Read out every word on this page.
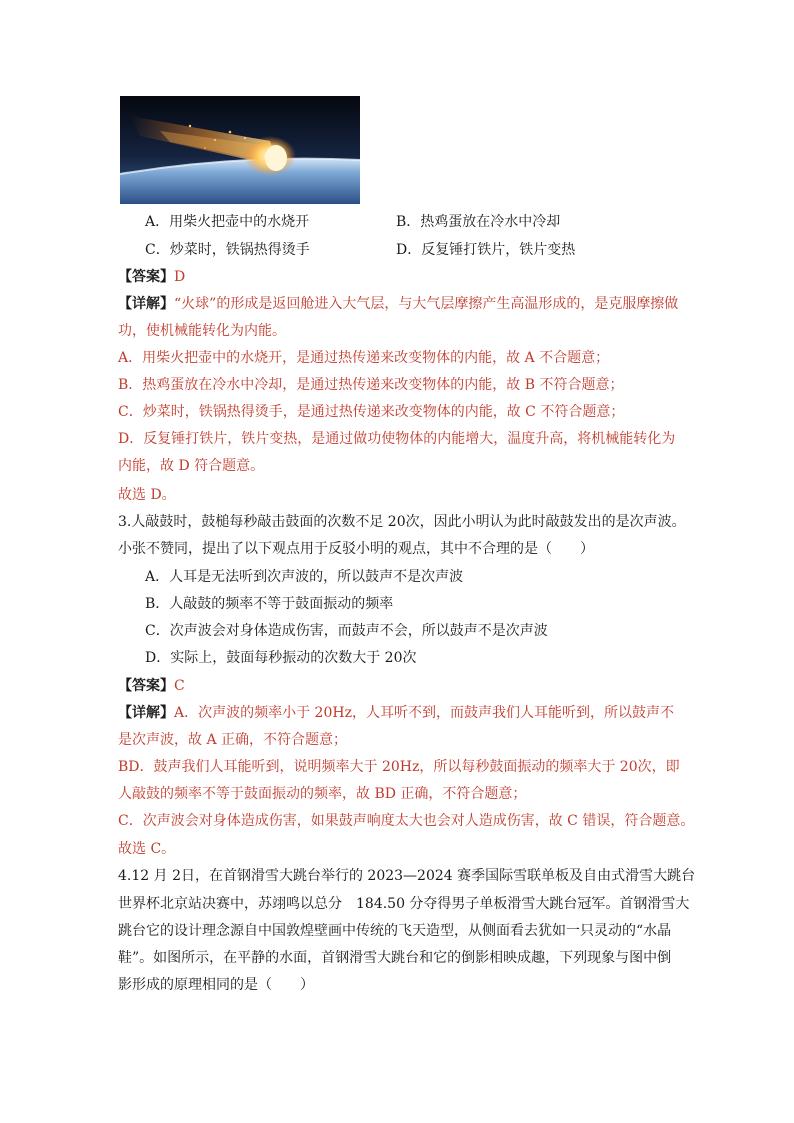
A．用柴火把壶中的水烧开	B．热鸡蛋放在冷水中冷却
C．炒菜时，铁锅热得烫手	D．反复锤打铁片，铁片变热
【答案】D
【详解】“火球”的形成是返回舱进入大气层，与大气层摩擦产生高温形成的，是克服摩擦做
功，使机械能转化为内能。
A．用柴火把壶中的水烧开，是通过热传递来改变物体的内能，故 A 不合题意；
B．热鸡蛋放在冷水中冷却，是通过热传递来改变物体的内能，故 B 不符合题意；
C．炒菜时，铁锅热得烫手，是通过热传递来改变物体的内能，故 C 不符合题意；
D．反复锤打铁片，铁片变热，是通过做功使物体的内能增大，温度升高，将机械能转化为
内能，故 D 符合题意。
故选 D。
3.人敲鼓时，鼓槌每秒敲击鼓面的次数不足 20次，因此小明认为此时敲鼓发出的是次声波。
小张不赞同，提出了以下观点用于反驳小明的观点，其中不合理的是（　　）
A．人耳是无法听到次声波的，所以鼓声不是次声波
B．人敲鼓的频率不等于鼓面振动的频率
C．次声波会对身体造成伤害，而鼓声不会，所以鼓声不是次声波
D．实际上，鼓面每秒振动的次数大于 20次
【答案】C
【详解】A．次声波的频率小于 20Hz，人耳听不到，而鼓声我们人耳能听到，所以鼓声不
是次声波，故 A 正确，不符合题意；
BD．鼓声我们人耳能听到，说明频率大于 20Hz，所以每秒鼓面振动的频率大于 20次，即
人敲鼓的频率不等于鼓面振动的频率，故 BD 正确，不符合题意；
C．次声波会对身体造成伤害，如果鼓声响度太大也会对人造成伤害，故 C 错误，符合题意。
故选 C。
4.12 月 2日，在首钢滑雪大跳台举行的 2023—2024 赛季国际雪联单板及自由式滑雪大跳台
世界杯北京站决赛中，苏翊鸣以总分　184.50 分夺得男子单板滑雪大跳台冠军。首钢滑雪大
跳台它的设计理念源自中国敦煌壁画中传统的飞天造型，从侧面看去犹如一只灵动的“水晶
鞋”。如图所示，在平静的水面，首钢滑雪大跳台和它的倒影相映成趣，下列现象与图中倒
影形成的原理相同的是（　　）
